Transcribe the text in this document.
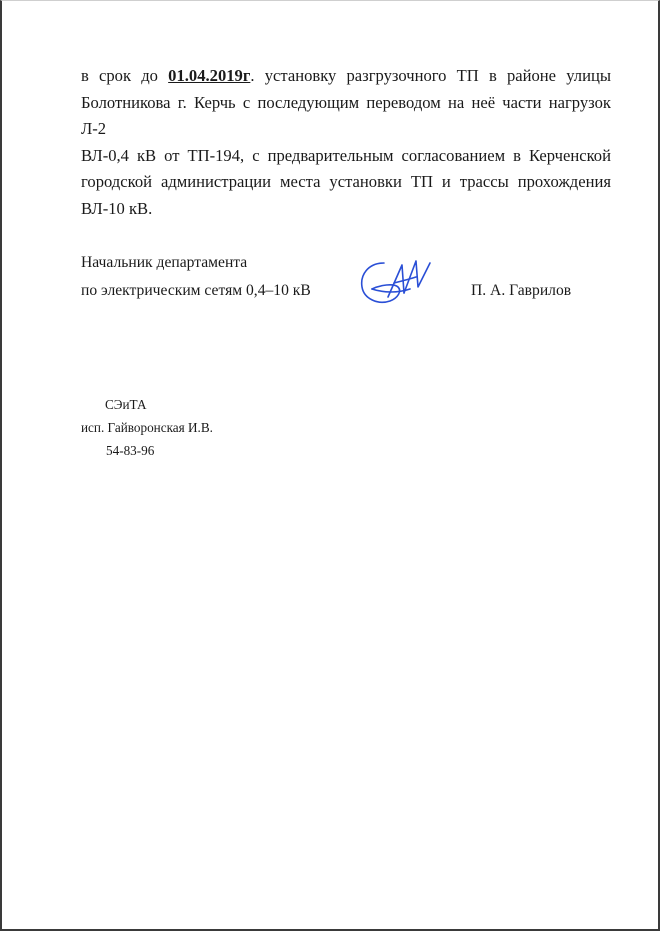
в срок до 01.04.2019г. установку разгрузочного ТП в районе улицы
Болотникова г. Керчь с последующим переводом на неё части нагрузок Л-2
ВЛ-0,4 кВ от ТП-194, с предварительным согласованием в Керченской
городской администрации места установки ТП и трассы прохождения
ВЛ-10 кВ.
Начальник департамента
по электрическим сетям 0,4–10 кВ	П. А. Гаврилов
СЭиТА
исп. Гайворонская И.В.
54-83-96
